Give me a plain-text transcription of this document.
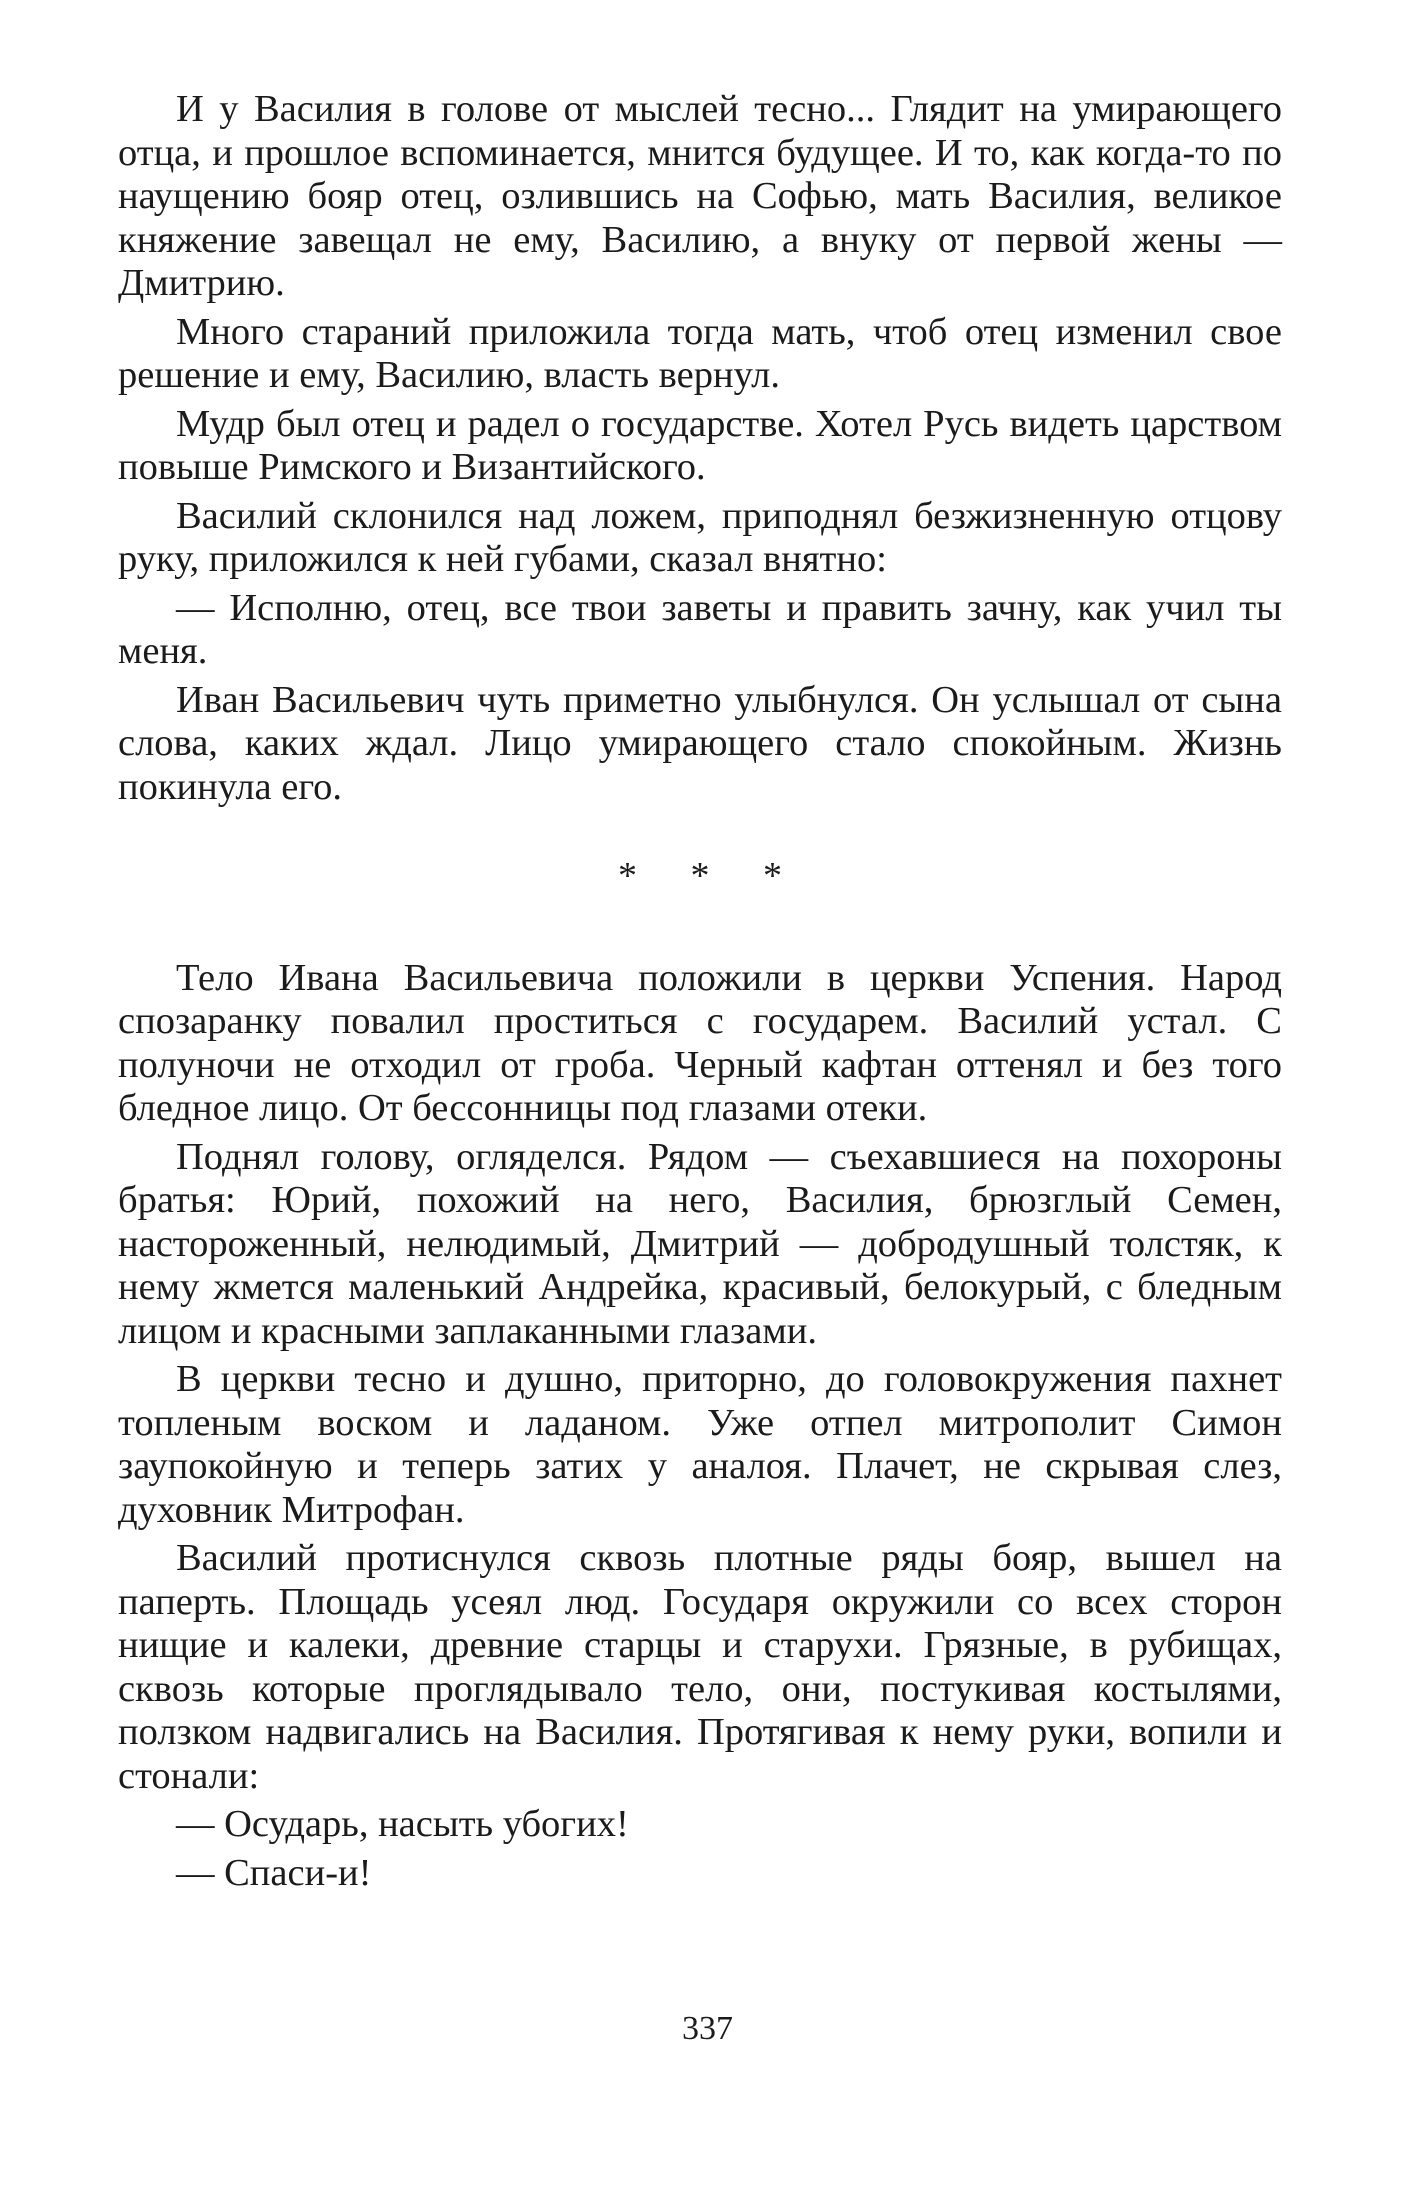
И у Василия в голове от мыслей тесно... Глядит на умирающего отца, и прошлое вспоминается, мнится будущее. И то, как когда-то по наущению бояр отец, озлившись на Софью, мать Василия, великое княжение завещал не ему, Василию, а внуку от первой жены — Дмитрию.

Много стараний приложила тогда мать, чтоб отец изменил свое решение и ему, Василию, власть вернул.

Мудр был отец и радел о государстве. Хотел Русь видеть царством повыше Римского и Византийского.

Василий склонился над ложем, приподнял безжизненную отцову руку, приложился к ней губами, сказал внятно:

— Исполню, отец, все твои заветы и править зачну, как учил ты меня.

Иван Васильевич чуть приметно улыбнулся. Он услышал от сына слова, каких ждал. Лицо умирающего стало спокойным. Жизнь покинула его.

* * *

Тело Ивана Васильевича положили в церкви Успения. Народ спозаранку повалил проститься с государем. Василий устал. С полуночи не отходил от гроба. Черный кафтан оттенял и без того бледное лицо. От бессонницы под глазами отеки.

Поднял голову, огляделся. Рядом — съехавшиеся на похороны братья: Юрий, похожий на него, Василия, брюзглый Семен, настороженный, нелюдимый, Дмитрий — добродушный толстяк, к нему жмется маленький Андрейка, красивый, белокурый, с бледным лицом и красными заплаканными глазами.

В церкви тесно и душно, приторно, до головокружения пахнет топленым воском и ладаном. Уже отпел митрополит Симон заупокойную и теперь затих у аналоя. Плачет, не скрывая слез, духовник Митрофан.

Василий протиснулся сквозь плотные ряды бояр, вышел на паперть. Площадь усеял люд. Государя окружили со всех сторон нищие и калеки, древние старцы и старухи. Грязные, в рубищах, сквозь которые проглядывало тело, они, постукивая костылями, ползком надвигались на Василия. Протягивая к нему руки, вопили и стонали:

— Осударь, насыть убогих!

— Спаси-и!

337
